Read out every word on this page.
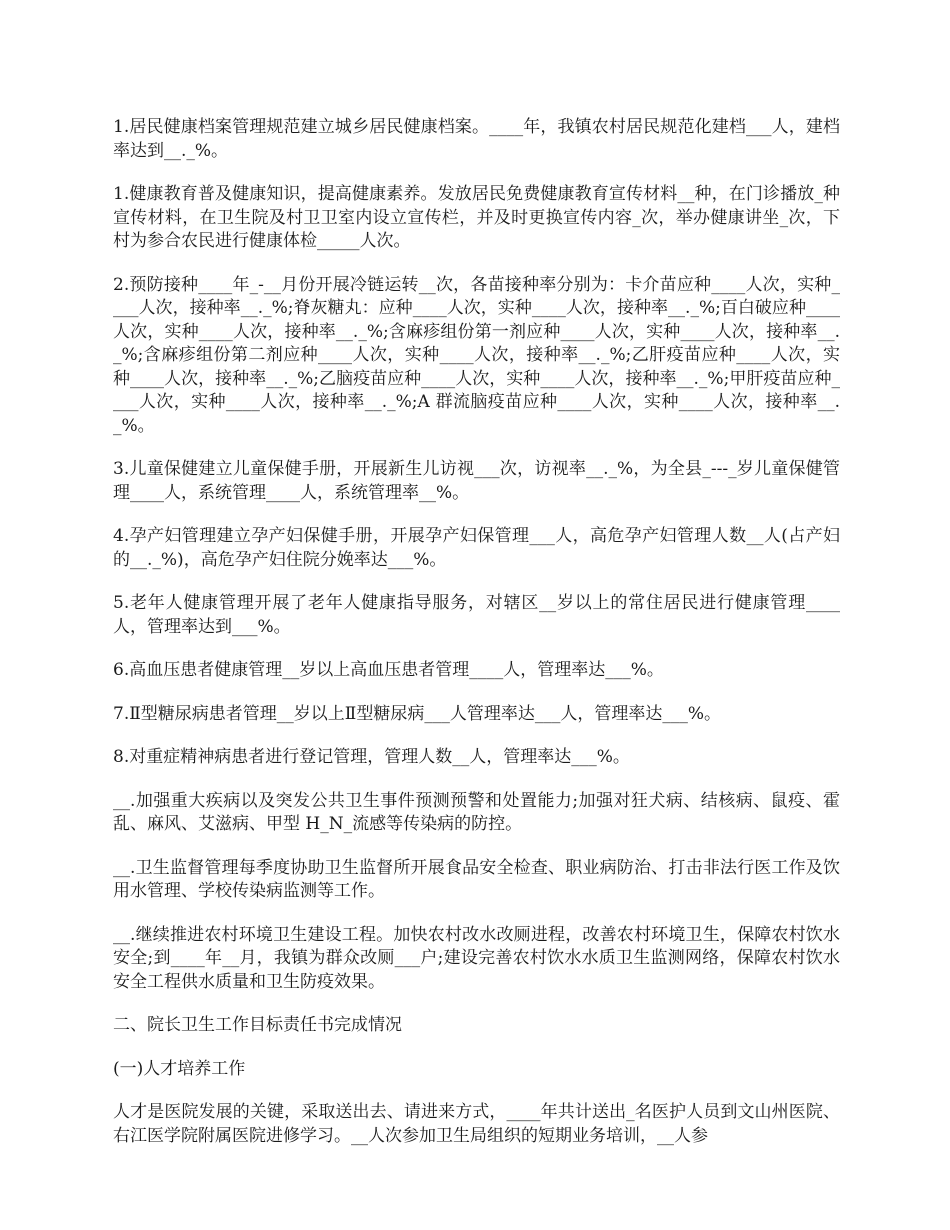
1.居民健康档案管理规范建立城乡居民健康档案。____年，我镇农村居民规范化建档___人，建档率达到__._%。

1.健康教育普及健康知识，提高健康素养。发放居民免费健康教育宣传材料__种，在门诊播放_种宣传材料，在卫生院及村卫卫室内设立宣传栏，并及时更换宣传内容_次，举办健康讲坐_次，下村为参合农民进行健康体检_____人次。

2.预防接种____年_-__月份开展冷链运转__次，各苗接种率分别为：卡介苗应种____人次，实种____人次，接种率__._%;脊灰糖丸：应种____人次，实种____人次，接种率__._%;百白破应种____人次，实种____人次，接种率__._%;含麻疹组份第一剂应种____人次，实种____人次，接种率__._%;含麻疹组份第二剂应种____人次，实种____人次，接种率__._%;乙肝疫苗应种____人次，实种____人次，接种率__._%;乙脑疫苗应种____人次，实种____人次，接种率__._%;甲肝疫苗应种____人次，实种____人次，接种率__._%;A 群流脑疫苗应种____人次，实种____人次，接种率__._%。

3.儿童保健建立儿童保健手册，开展新生儿访视___次，访视率__._%，为全县_---_岁儿童保健管理____人，系统管理____人，系统管理率__%。

4.孕产妇管理建立孕产妇保健手册，开展孕产妇保管理___人，高危孕产妇管理人数__人(占产妇的__._%)，高危孕产妇住院分娩率达___%。

5.老年人健康管理开展了老年人健康指导服务，对辖区__岁以上的常住居民进行健康管理____人，管理率达到___%。

6.高血压患者健康管理__岁以上高血压患者管理____人，管理率达___%。

7.Ⅱ型糖尿病患者管理__岁以上Ⅱ型糖尿病___人管理率达___人，管理率达___%。

8.对重症精神病患者进行登记管理，管理人数__人，管理率达___%。

__.加强重大疾病以及突发公共卫生事件预测预警和处置能力;加强对狂犬病、结核病、鼠疫、霍乱、麻风、艾滋病、甲型 H_N_流感等传染病的防控。

__.卫生监督管理每季度协助卫生监督所开展食品安全检查、职业病防治、打击非法行医工作及饮用水管理、学校传染病监测等工作。

__.继续推进农村环境卫生建设工程。加快农村改水改厕进程，改善农村环境卫生，保障农村饮水安全;到____年__月，我镇为群众改厕___户;建设完善农村饮水水质卫生监测网络，保障农村饮水安全工程供水质量和卫生防疫效果。

二、院长卫生工作目标责任书完成情况

(一)人才培养工作

人才是医院发展的关键，采取送出去、请进来方式，____年共计送出_名医护人员到文山州医院、右江医学院附属医院进修学习。__人次参加卫生局组织的短期业务培训，__人参
